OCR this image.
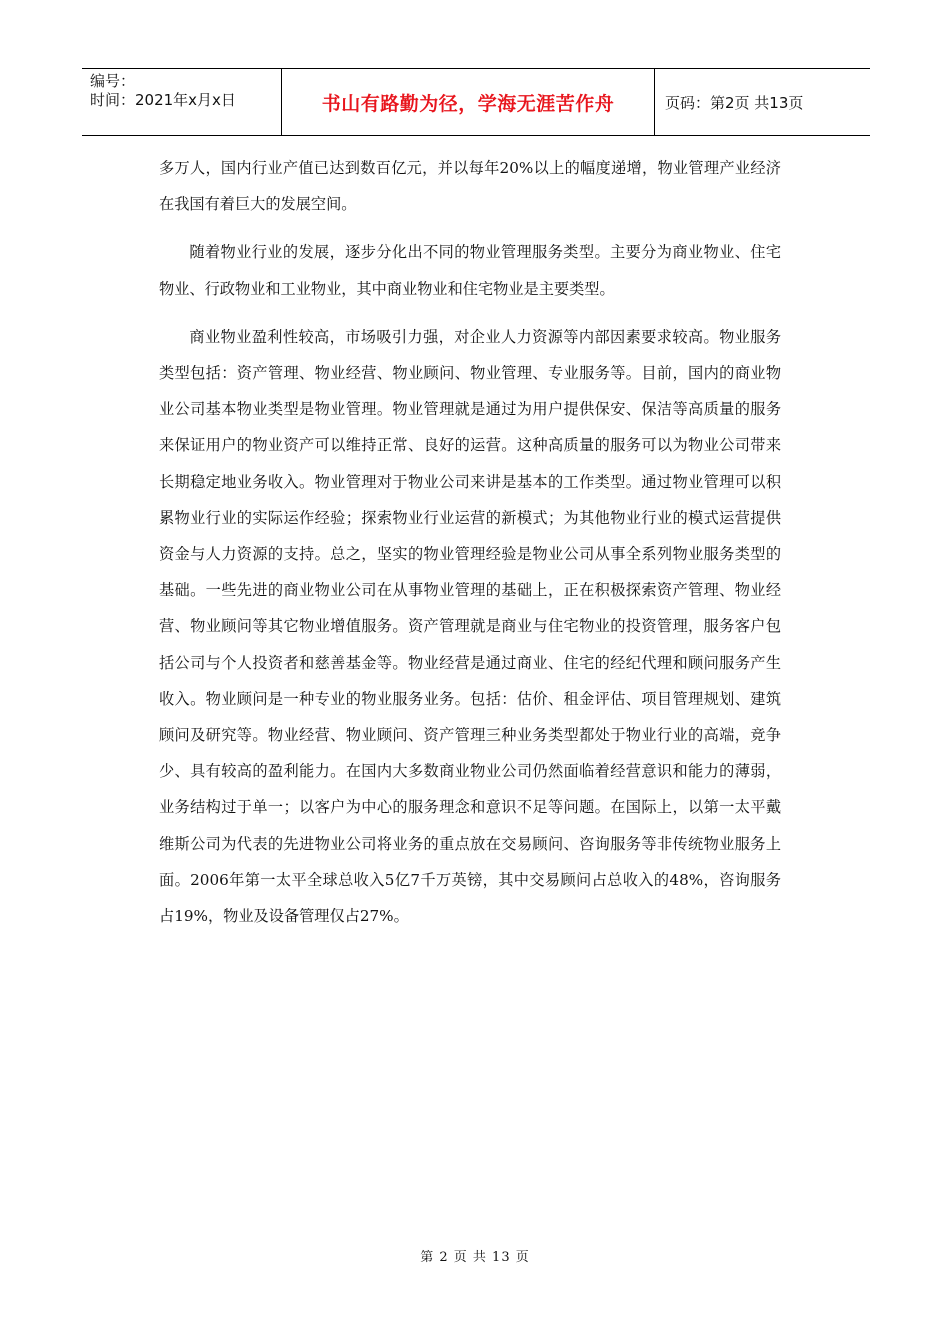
编号：
时间：2021年x月x日	书山有路勤为径，学海无涯苦作舟	页码：第2页 共13页

多万人，国内行业产值已达到数百亿元，并以每年20%以上的幅度递增，物业管理产业经济在我国有着巨大的发展空间。

随着物业行业的发展，逐步分化出不同的物业管理服务类型。主要分为商业物业、住宅物业、行政物业和工业物业，其中商业物业和住宅物业是主要类型。

商业物业盈利性较高，市场吸引力强，对企业人力资源等内部因素要求较高。物业服务类型包括：资产管理、物业经营、物业顾问、物业管理、专业服务等。目前，国内的商业物业公司基本物业类型是物业管理。物业管理就是通过为用户提供保安、保洁等高质量的服务来保证用户的物业资产可以维持正常、良好的运营。这种高质量的服务可以为物业公司带来长期稳定地业务收入。物业管理对于物业公司来讲是基本的工作类型。通过物业管理可以积累物业行业的实际运作经验；探索物业行业运营的新模式；为其他物业行业的模式运营提供资金与人力资源的支持。总之，坚实的物业管理经验是物业公司从事全系列物业服务类型的基础。一些先进的商业物业公司在从事物业管理的基础上，正在积极探索资产管理、物业经营、物业顾问等其它物业增值服务。资产管理就是商业与住宅物业的投资管理，服务客户包括公司与个人投资者和慈善基金等。物业经营是通过商业、住宅的经纪代理和顾问服务产生收入。物业顾问是一种专业的物业服务业务。包括：估价、租金评估、项目管理规划、建筑顾问及研究等。物业经营、物业顾问、资产管理三种业务类型都处于物业行业的高端，竞争少、具有较高的盈利能力。在国内大多数商业物业公司仍然面临着经营意识和能力的薄弱，业务结构过于单一；以客户为中心的服务理念和意识不足等问题。在国际上，以第一太平戴维斯公司为代表的先进物业公司将业务的重点放在交易顾问、咨询服务等非传统物业服务上面。2006年第一太平全球总收入5亿7千万英镑，其中交易顾问占总收入的48%，咨询服务占19%，物业及设备管理仅占27%。

第 2 页 共 13 页
